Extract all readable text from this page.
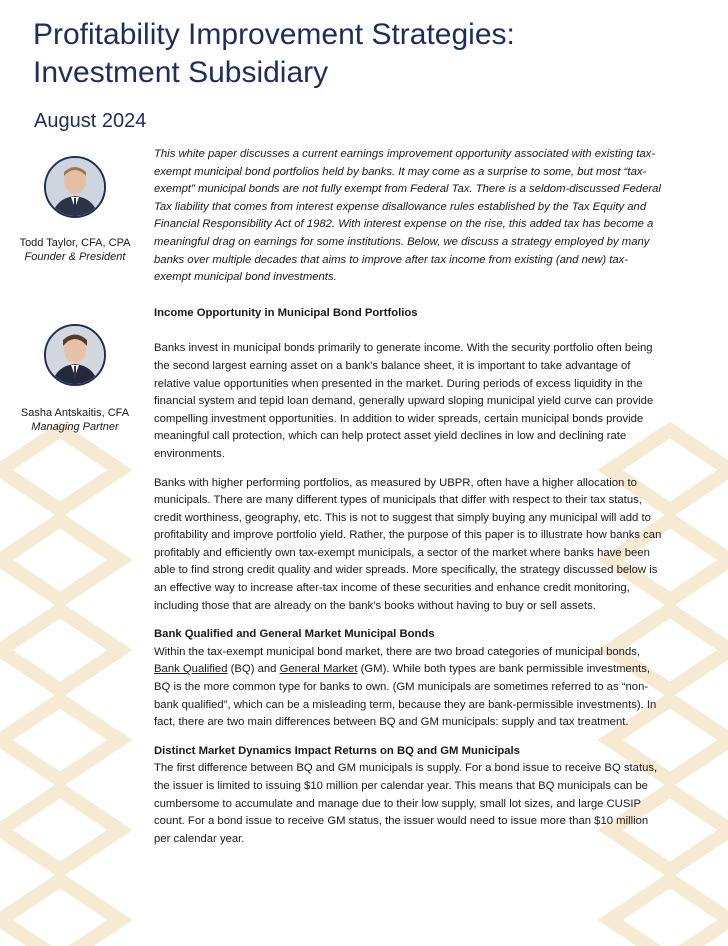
Profitability Improvement Strategies:
Investment Subsidiary
August 2024
Todd Taylor, CFA, CPA
Founder & President
Sasha Antskaitis, CFA
Managing Partner

This white paper discusses a current earnings improvement opportunity associated with existing tax-exempt municipal bond portfolios held by banks. It may come as a surprise to some, but most “tax-exempt” municipal bonds are not fully exempt from Federal Tax. There is a seldom-discussed Federal Tax liability that comes from interest expense disallowance rules established by the Tax Equity and Financial Responsibility Act of 1982. With interest expense on the rise, this added tax has become a meaningful drag on earnings for some institutions. Below, we discuss a strategy employed by many banks over multiple decades that aims to improve after tax income from existing (and new) tax-exempt municipal bond investments.

Income Opportunity in Municipal Bond Portfolios

Banks invest in municipal bonds primarily to generate income. With the security portfolio often being the second largest earning asset on a bank’s balance sheet, it is important to take advantage of relative value opportunities when presented in the market. During periods of excess liquidity in the financial system and tepid loan demand, generally upward sloping municipal yield curve can provide compelling investment opportunities. In addition to wider spreads, certain municipal bonds provide meaningful call protection, which can help protect asset yield declines in low and declining rate environments.

Banks with higher performing portfolios, as measured by UBPR, often have a higher allocation to municipals. There are many different types of municipals that differ with respect to their tax status, credit worthiness, geography, etc. This is not to suggest that simply buying any municipal will add to profitability and improve portfolio yield. Rather, the purpose of this paper is to illustrate how banks can profitably and efficiently own tax-exempt municipals, a sector of the market where banks have been able to find strong credit quality and wider spreads. More specifically, the strategy discussed below is an effective way to increase after-tax income of these securities and enhance credit monitoring, including those that are already on the bank’s books without having to buy or sell assets.

Bank Qualified and General Market Municipal Bonds

Within the tax-exempt municipal bond market, there are two broad categories of municipal bonds, Bank Qualified (BQ) and General Market (GM). While both types are bank permissible investments, BQ is the more common type for banks to own. (GM municipals are sometimes referred to as “non-bank qualified”, which can be a misleading term, because they are bank-permissible investments). In fact, there are two main differences between BQ and GM municipals: supply and tax treatment.

Distinct Market Dynamics Impact Returns on BQ and GM Municipals

The first difference between BQ and GM municipals is supply. For a bond issue to receive BQ status, the issuer is limited to issuing $10 million per calendar year. This means that BQ municipals can be cumbersome to accumulate and manage due to their low supply, small lot sizes, and large CUSIP count. For a bond issue to receive GM status, the issuer would need to issue more than $10 million per calendar year.
